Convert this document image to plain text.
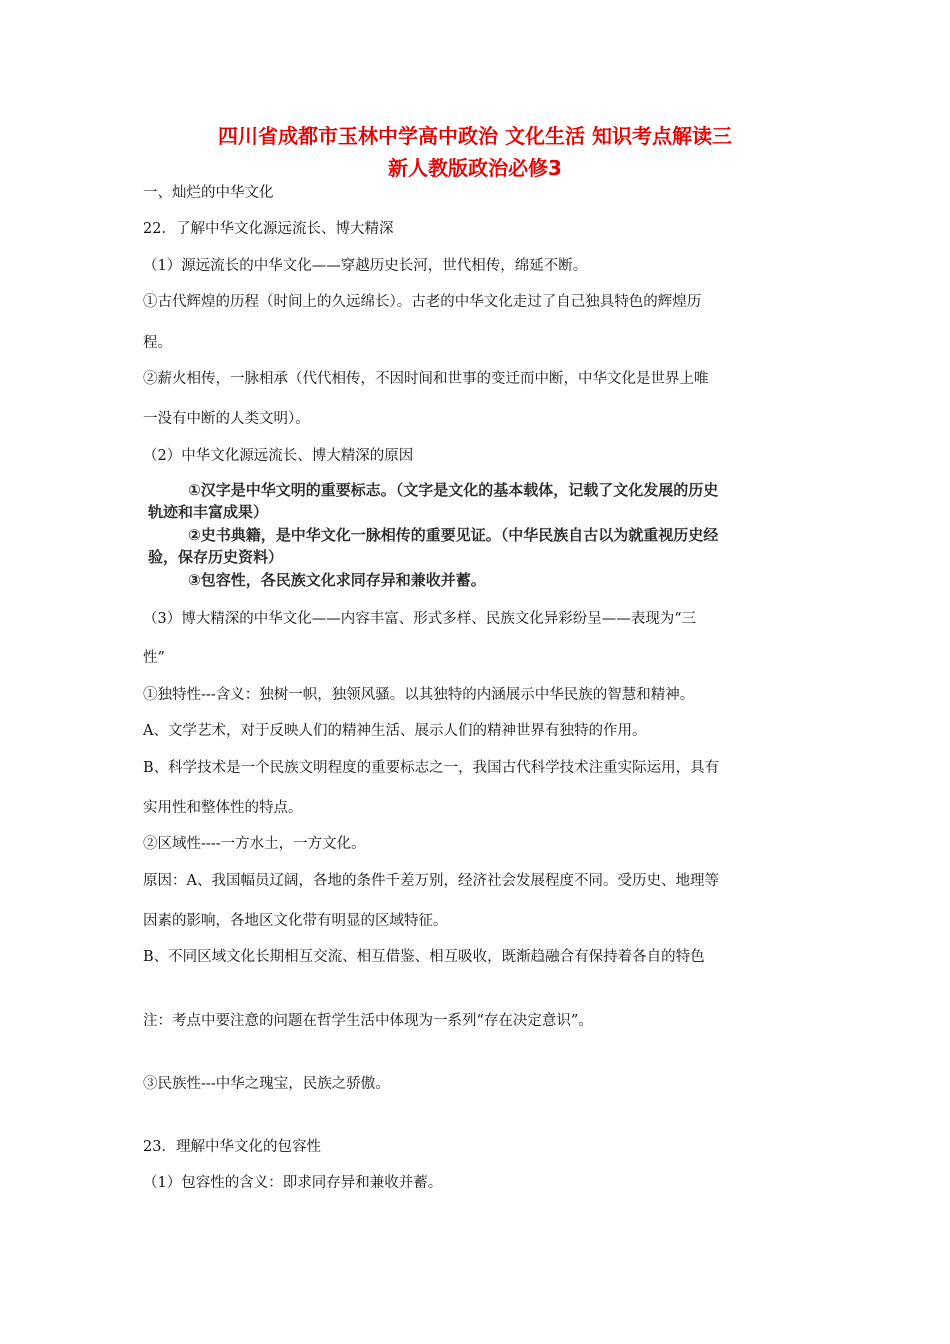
四川省成都市玉林中学高中政治 文化生活 知识考点解读三
新人教版政治必修3
一、灿烂的中华文化
22．了解中华文化源远流长、博大精深
（1）源远流长的中华文化——穿越历史长河，世代相传，绵延不断。
①古代辉煌的历程（时间上的久远绵长）。古老的中华文化走过了自己独具特色的辉煌历
程。
②薪火相传，一脉相承（代代相传，不因时间和世事的变迁而中断，中华文化是世界上唯
一没有中断的人类文明）。
（2）中华文化源远流长、博大精深的原因
①汉字是中华文明的重要标志。（文字是文化的基本载体，记载了文化发展的历史
轨迹和丰富成果）
②史书典籍，是中华文化一脉相传的重要见证。（中华民族自古以为就重视历史经
验，保存历史资料）
③包容性，各民族文化求同存异和兼收并蓄。
（3）博大精深的中华文化——内容丰富、形式多样、民族文化异彩纷呈——表现为“三
性”
①独特性---含义：独树一帜，独领风骚。以其独特的内涵展示中华民族的智慧和精神。
A、文学艺术，对于反映人们的精神生活、展示人们的精神世界有独特的作用。
B、科学技术是一个民族文明程度的重要标志之一，我国古代科学技术注重实际运用，具有
实用性和整体性的特点。
②区域性----一方水土，一方文化。
原因：A、我国幅员辽阔，各地的条件千差万别，经济社会发展程度不同。受历史、地理等
因素的影响，各地区文化带有明显的区域特征。
B、不同区域文化长期相互交流、相互借鉴、相互吸收，既渐趋融合有保持着各自的特色
注：考点中要注意的问题在哲学生活中体现为一系列“存在决定意识”。
③民族性---中华之瑰宝，民族之骄傲。
23．理解中华文化的包容性
（1）包容性的含义：即求同存异和兼收并蓄。
